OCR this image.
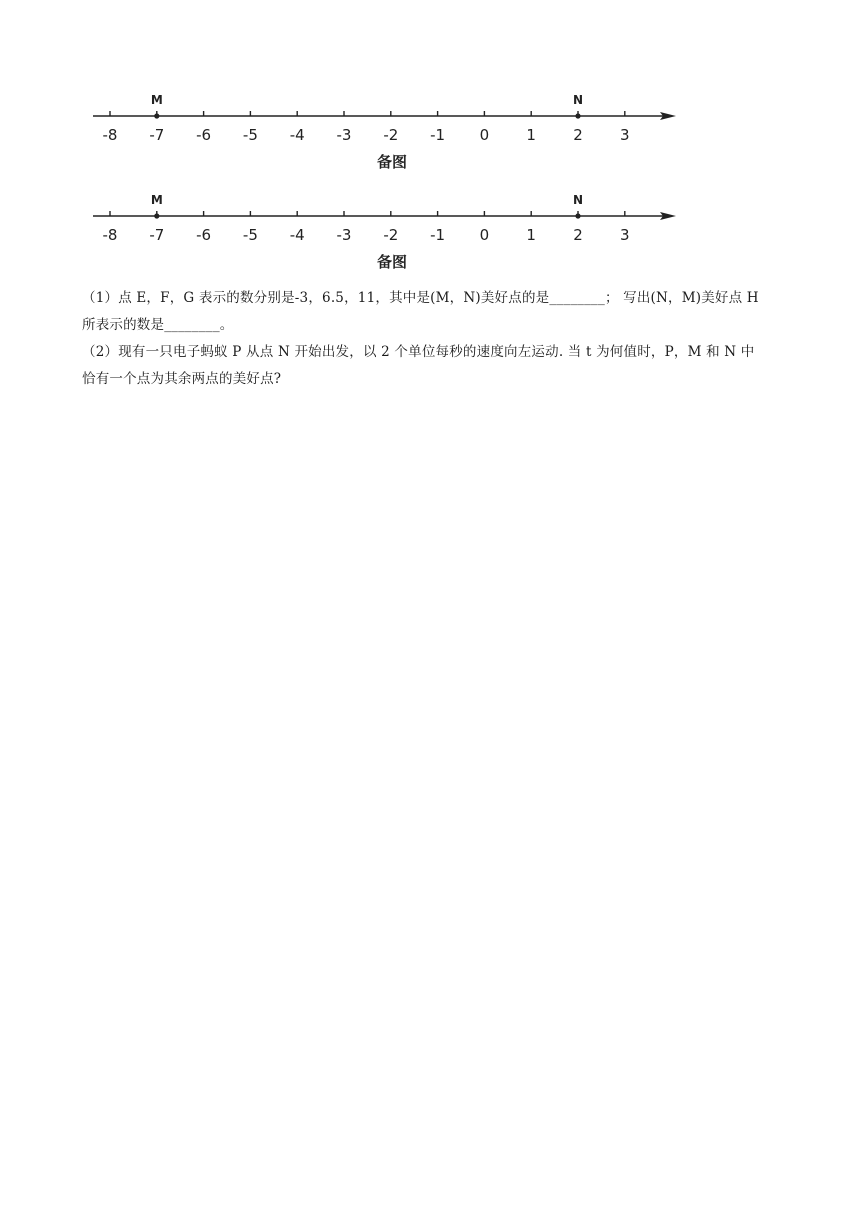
-8 -7 -6 -5 -4 -3 -2 -1 0 1 2 3
M	N
备图
-8 -7 -6 -5 -4 -3 -2 -1 0 1 2 3
M	N
备图

（1）点 E，F，G 表示的数分别是-3，6.5，11，其中是(M，N)美好点的是________； 写出(N，M)美好点 H

所表示的数是________。

（2）现有一只电子蚂蚁 P 从点 N 开始出发，以 2 个单位每秒的速度向左运动. 当 t 为何值时，P，M 和 N 中

恰有一个点为其余两点的美好点?
